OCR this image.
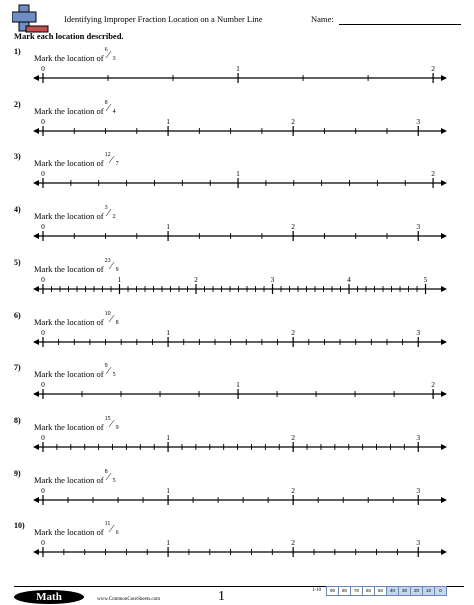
Identifying Improper Fraction Location on a Number Line	Name:
Mark each location described.
1)
Mark the location of
6 ⁄ 3
0	1	2
2)
Mark the location of
8 ⁄ 4
0	1	2	3
3)
Mark the location of
12 ⁄ 7
0	1	2
4)
Mark the location of
3 ⁄ 2
0	1	2	3
5)
Mark the location of
23 ⁄ 9
0	1	2	3	4	5
6)
Mark the location of
10 ⁄ 8
0	1	2	3
7)
Mark the location of
9 ⁄ 5
0	1	2
8)
Mark the location of
15 ⁄ 9
0	1	2	3
9)
Mark the location of
8 ⁄ 5
0	1	2	3
10)
Mark the location of
11 ⁄ 6
0	1	2	3
Math	www.CommonCoreSheets.com	1	1-10	90	80	70	60	50	40	30	20	10	0
